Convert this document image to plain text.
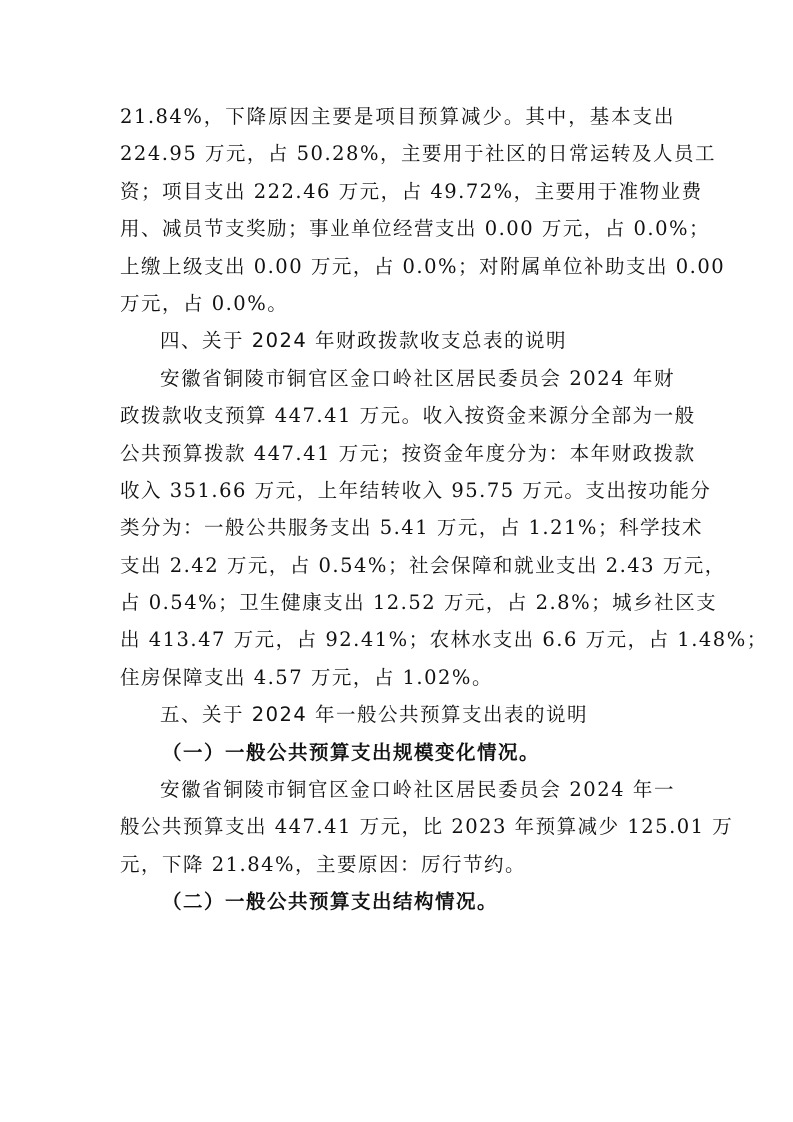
21.84%，下降原因主要是项目预算减少。其中，基本支出
224.95 万元，占 50.28%，主要用于社区的日常运转及人员工
资；项目支出 222.46 万元，占 49.72%，主要用于准物业费
用、减员节支奖励；事业单位经营支出 0.00 万元，占 0.0%；
上缴上级支出 0.00 万元，占 0.0%；对附属单位补助支出 0.00
万元，占 0.0%。
四、关于 2024 年财政拨款收支总表的说明
安徽省铜陵市铜官区金口岭社区居民委员会 2024 年财
政拨款收支预算 447.41 万元。收入按资金来源分全部为一般
公共预算拨款 447.41 万元；按资金年度分为：本年财政拨款
收入 351.66 万元，上年结转收入 95.75 万元。支出按功能分
类分为：一般公共服务支出 5.41 万元，占 1.21%；科学技术
支出 2.42 万元，占 0.54%；社会保障和就业支出 2.43 万元，
占 0.54%；卫生健康支出 12.52 万元，占 2.8%；城乡社区支
出 413.47 万元，占 92.41%；农林水支出 6.6 万元，占 1.48%；
住房保障支出 4.57 万元，占 1.02%。
五、关于 2024 年一般公共预算支出表的说明
（一）一般公共预算支出规模变化情况。
安徽省铜陵市铜官区金口岭社区居民委员会 2024 年一
般公共预算支出 447.41 万元，比 2023 年预算减少 125.01 万
元，下降 21.84%，主要原因：厉行节约。
（二）一般公共预算支出结构情况。
